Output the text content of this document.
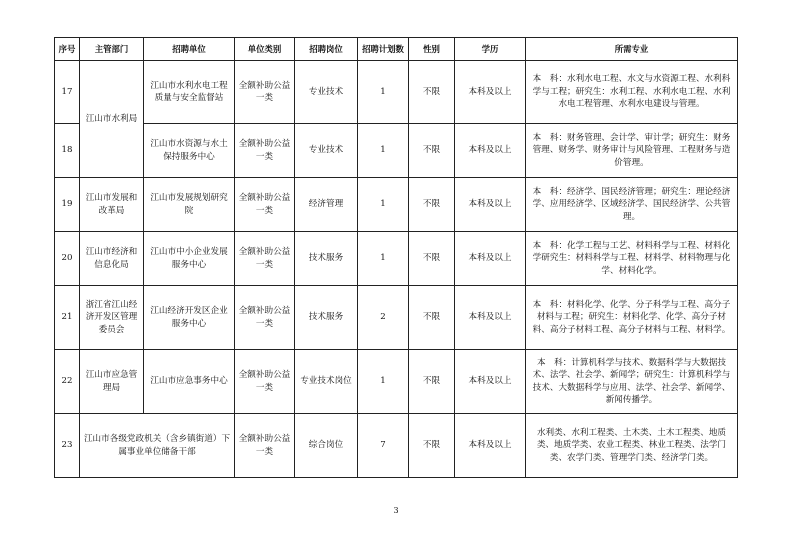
序号	主管部门	招聘单位	单位类别	招聘岗位	招聘计划数	性别	学历	所需专业
17	江山市水利局	江山市水利水电工程质量与安全监督站	全额补助公益一类	专业技术	1	不限	本科及以上	本　科：水利水电工程、水文与水资源工程、水利科学与工程；研究生：水利工程、水利水电工程、水利水电工程管理、水利水电建设与管理。
18		江山市水资源与水土保持服务中心	全额补助公益一类	专业技术	1	不限	本科及以上	本　科：财务管理、会计学、审计学；研究生：财务管理、财务学、财务审计与风险管理、工程财务与造价管理。
19	江山市发展和改革局	江山市发展规划研究院	全额补助公益一类	经济管理	1	不限	本科及以上	本　科：经济学、国民经济管理；研究生：理论经济学、应用经济学、区域经济学、国民经济学、公共管理。
20	江山市经济和信息化局	江山市中小企业发展服务中心	全额补助公益一类	技术服务	1	不限	本科及以上	本　科：化学工程与工艺、材料科学与工程、材料化学研究生：材料科学与工程、材料学、材料物理与化学、材料化学。
21	浙江省江山经济开发区管理委员会	江山经济开发区企业服务中心	全额补助公益一类	技术服务	2	不限	本科及以上	本　科：材料化学、化学、分子科学与工程、高分子材料与工程；研究生：材料化学、化学、高分子材料、高分子材料工程、高分子材料与工程、材料学。
22	江山市应急管理局	江山市应急事务中心	全额补助公益一类	专业技术岗位	1	不限	本科及以上	本　科：计算机科学与技术、数据科学与大数据技术、法学、社会学、新闻学；研究生：计算机科学与技术、大数据科学与应用、法学、社会学、新闻学、新闻传播学。
23	江山市各级党政机关（含乡镇街道）下属事业单位储备干部		全额补助公益一类	综合岗位	7	不限	本科及以上	水利类、水利工程类、土木类、土木工程类、地质类、地质学类、农业工程类、林业工程类、法学门类、农学门类、管理学门类、经济学门类。
3
